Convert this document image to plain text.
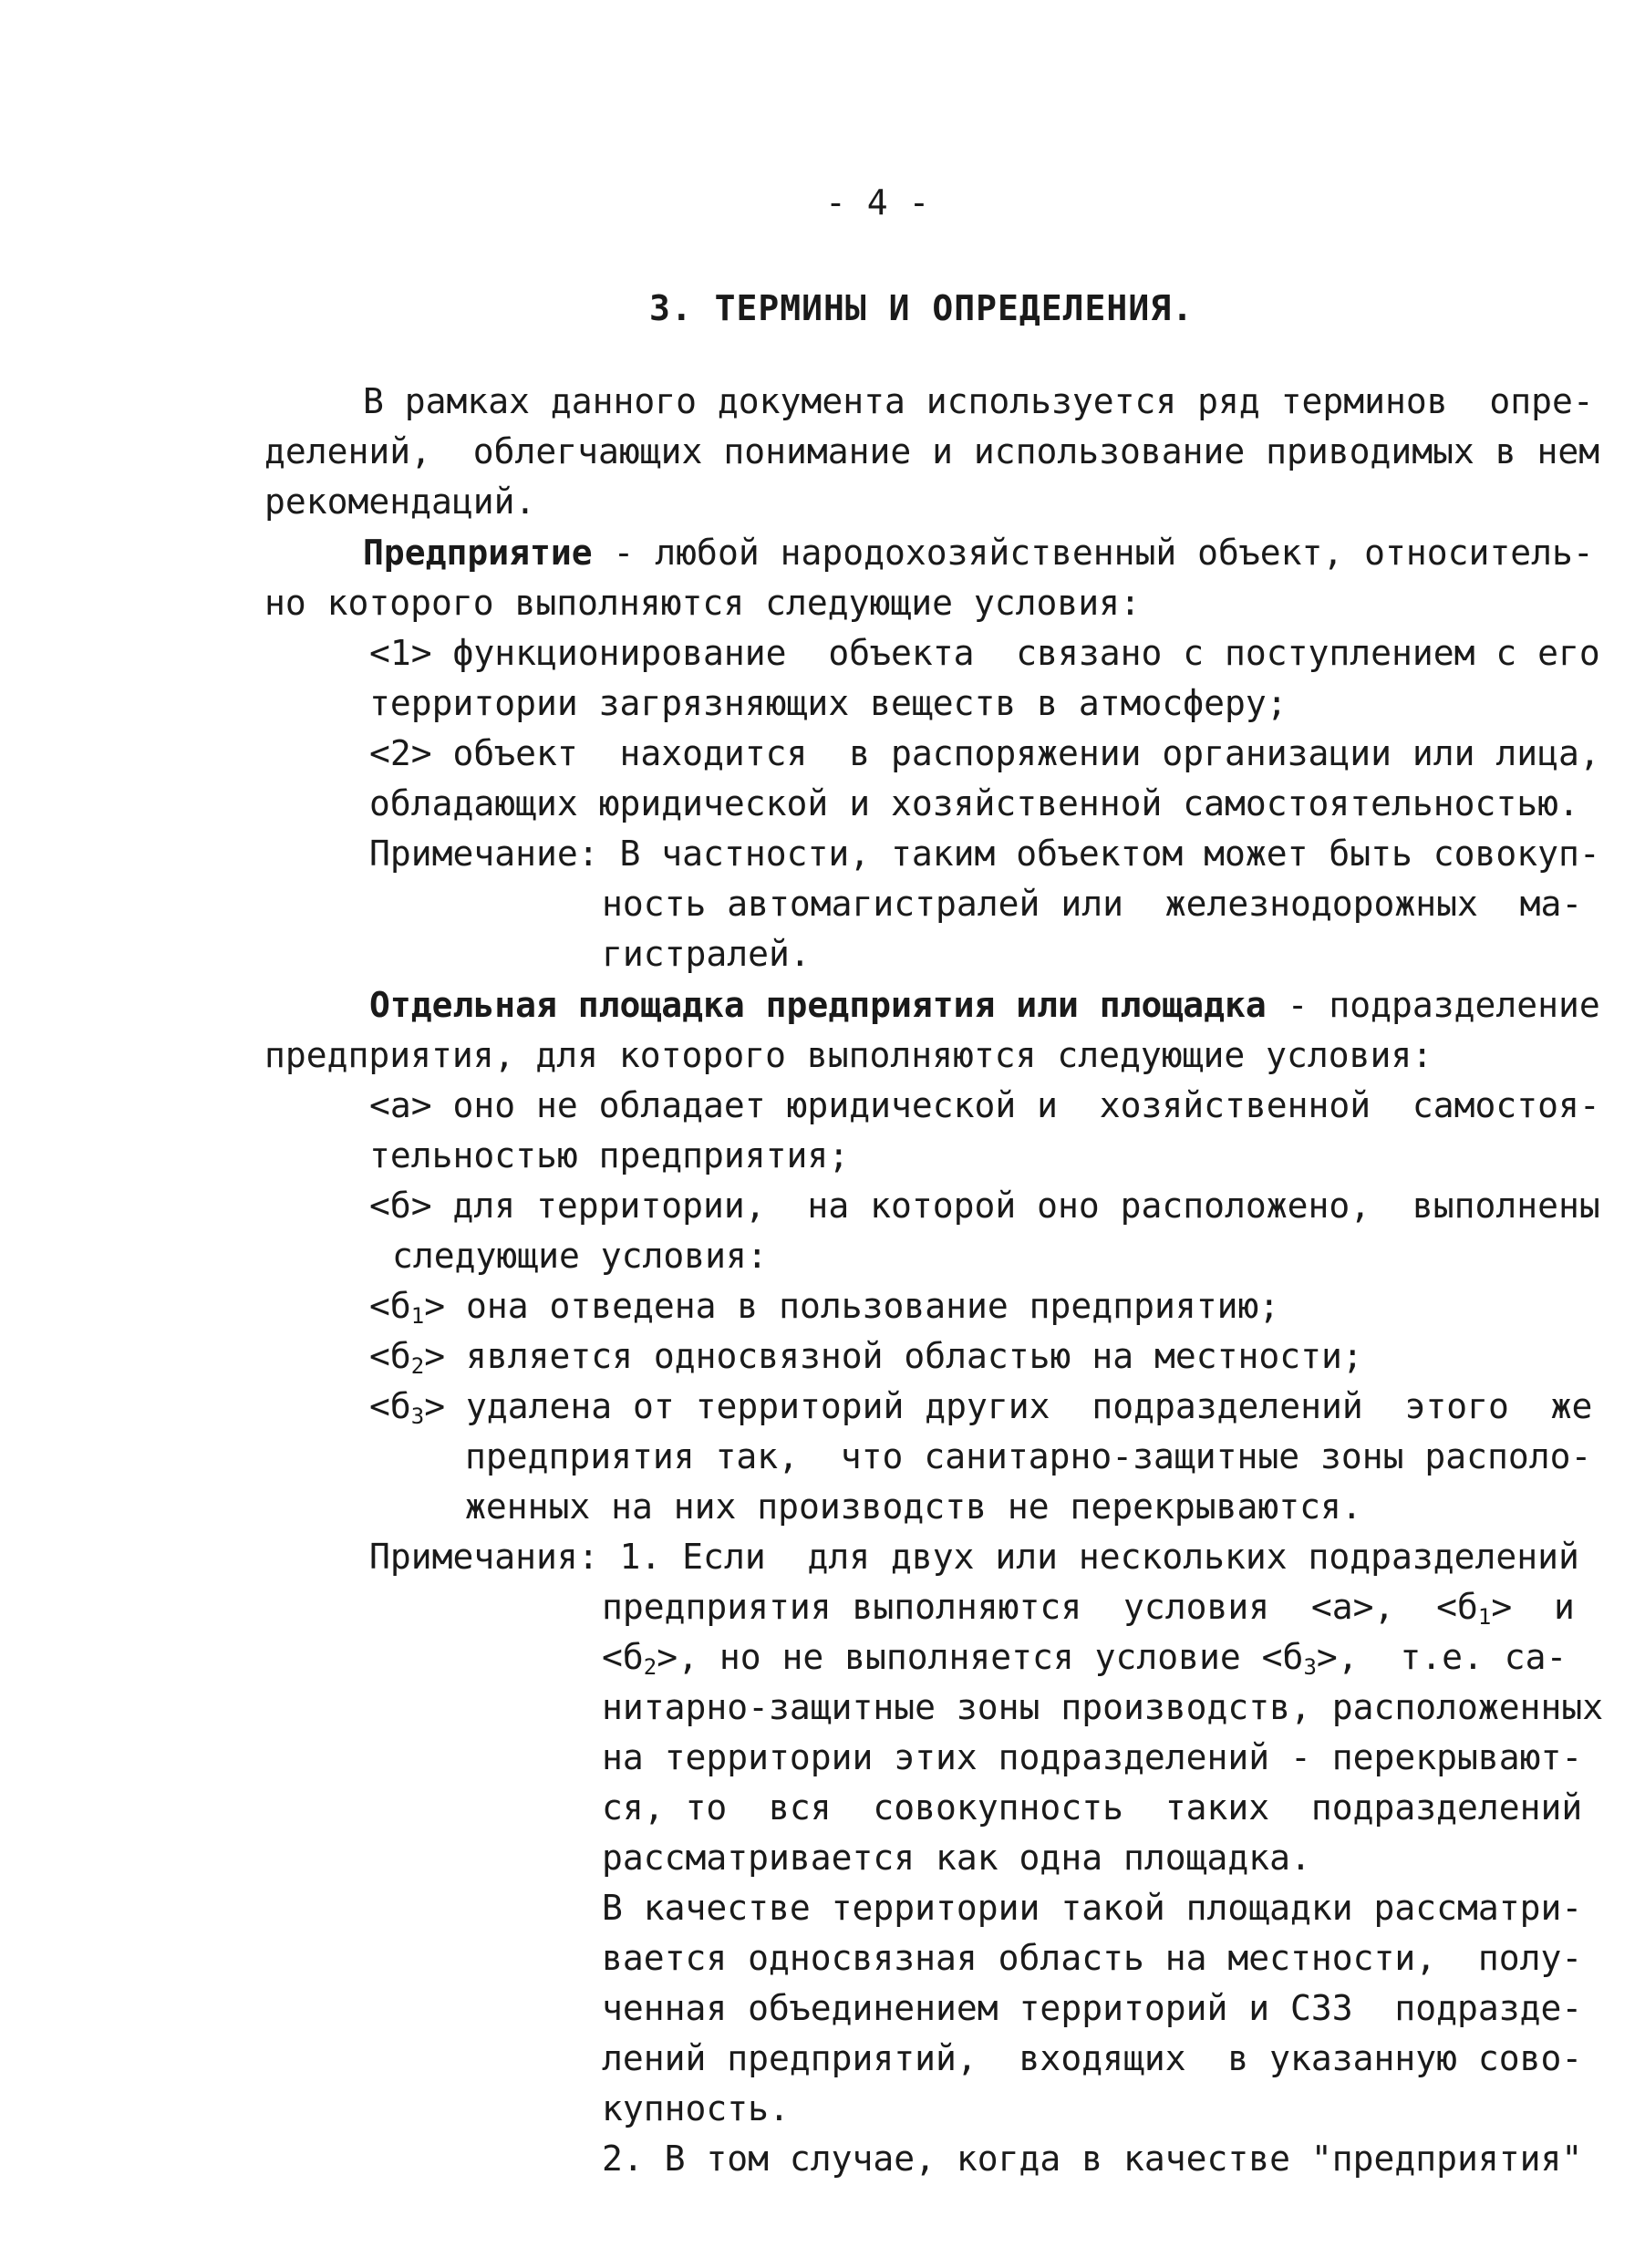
- 4 -
3. ТЕРМИНЫ И ОПРЕДЕЛЕНИЯ.
В рамках данного документа используется ряд терминов  опре-
делений,  облегчающих понимание и использование приводимых в нем
рекомендаций.
Предприятие - любой народохозяйственный объект, относитель-
но которого выполняются следующие условия:
<1> функционирование  объекта  связано с поступлением с его
территории загрязняющих веществ в атмосферу;
<2> объект  находится  в распоряжении организации или лица,
обладающих юридической и хозяйственной самостоятельностью.
Примечание: В частности, таким объектом может быть совокуп-
ность автомагистралей или  железнодорожных  ма-
гистралей.
Отдельная площадка предприятия или площадка - подразделение
предприятия, для которого выполняются следующие условия:
<а> оно не обладает юридической и  хозяйственной  самостоя-
тельностью предприятия;
<б> для территории,  на которой оно расположено,  выполнены
следующие условия:
$<б_1>$ она отведена в пользование предприятию;
$<б_2>$ является односвязной областью на местности;
$<б_3>$ удалена от территорий других  подразделений  этого  же
предприятия так,  что санитарно-защитные зоны располо-
женных на них производств не перекрываются.
Примечания: 1. Если  для двух или нескольких подразделений
предприятия выполняются  условия  <а>,  $<б_1> и$
$<б_2>$, но не выполняется условие $<б_3>$,  т.е. са-
нитарно-защитные зоны производств, расположенных
на территории этих подразделений - перекрывают-
ся, то  вся  совокупность  таких  подразделений
рассматривается как одна площадка.
В качестве территории такой площадки рассматри-
вается односвязная область на местности,  полу-
ченная объединением территорий и СЗЗ  подразде-
лений предприятий,  входящих  в указанную сово-
купность.
2. В том случае, когда в качестве "предприятия"
